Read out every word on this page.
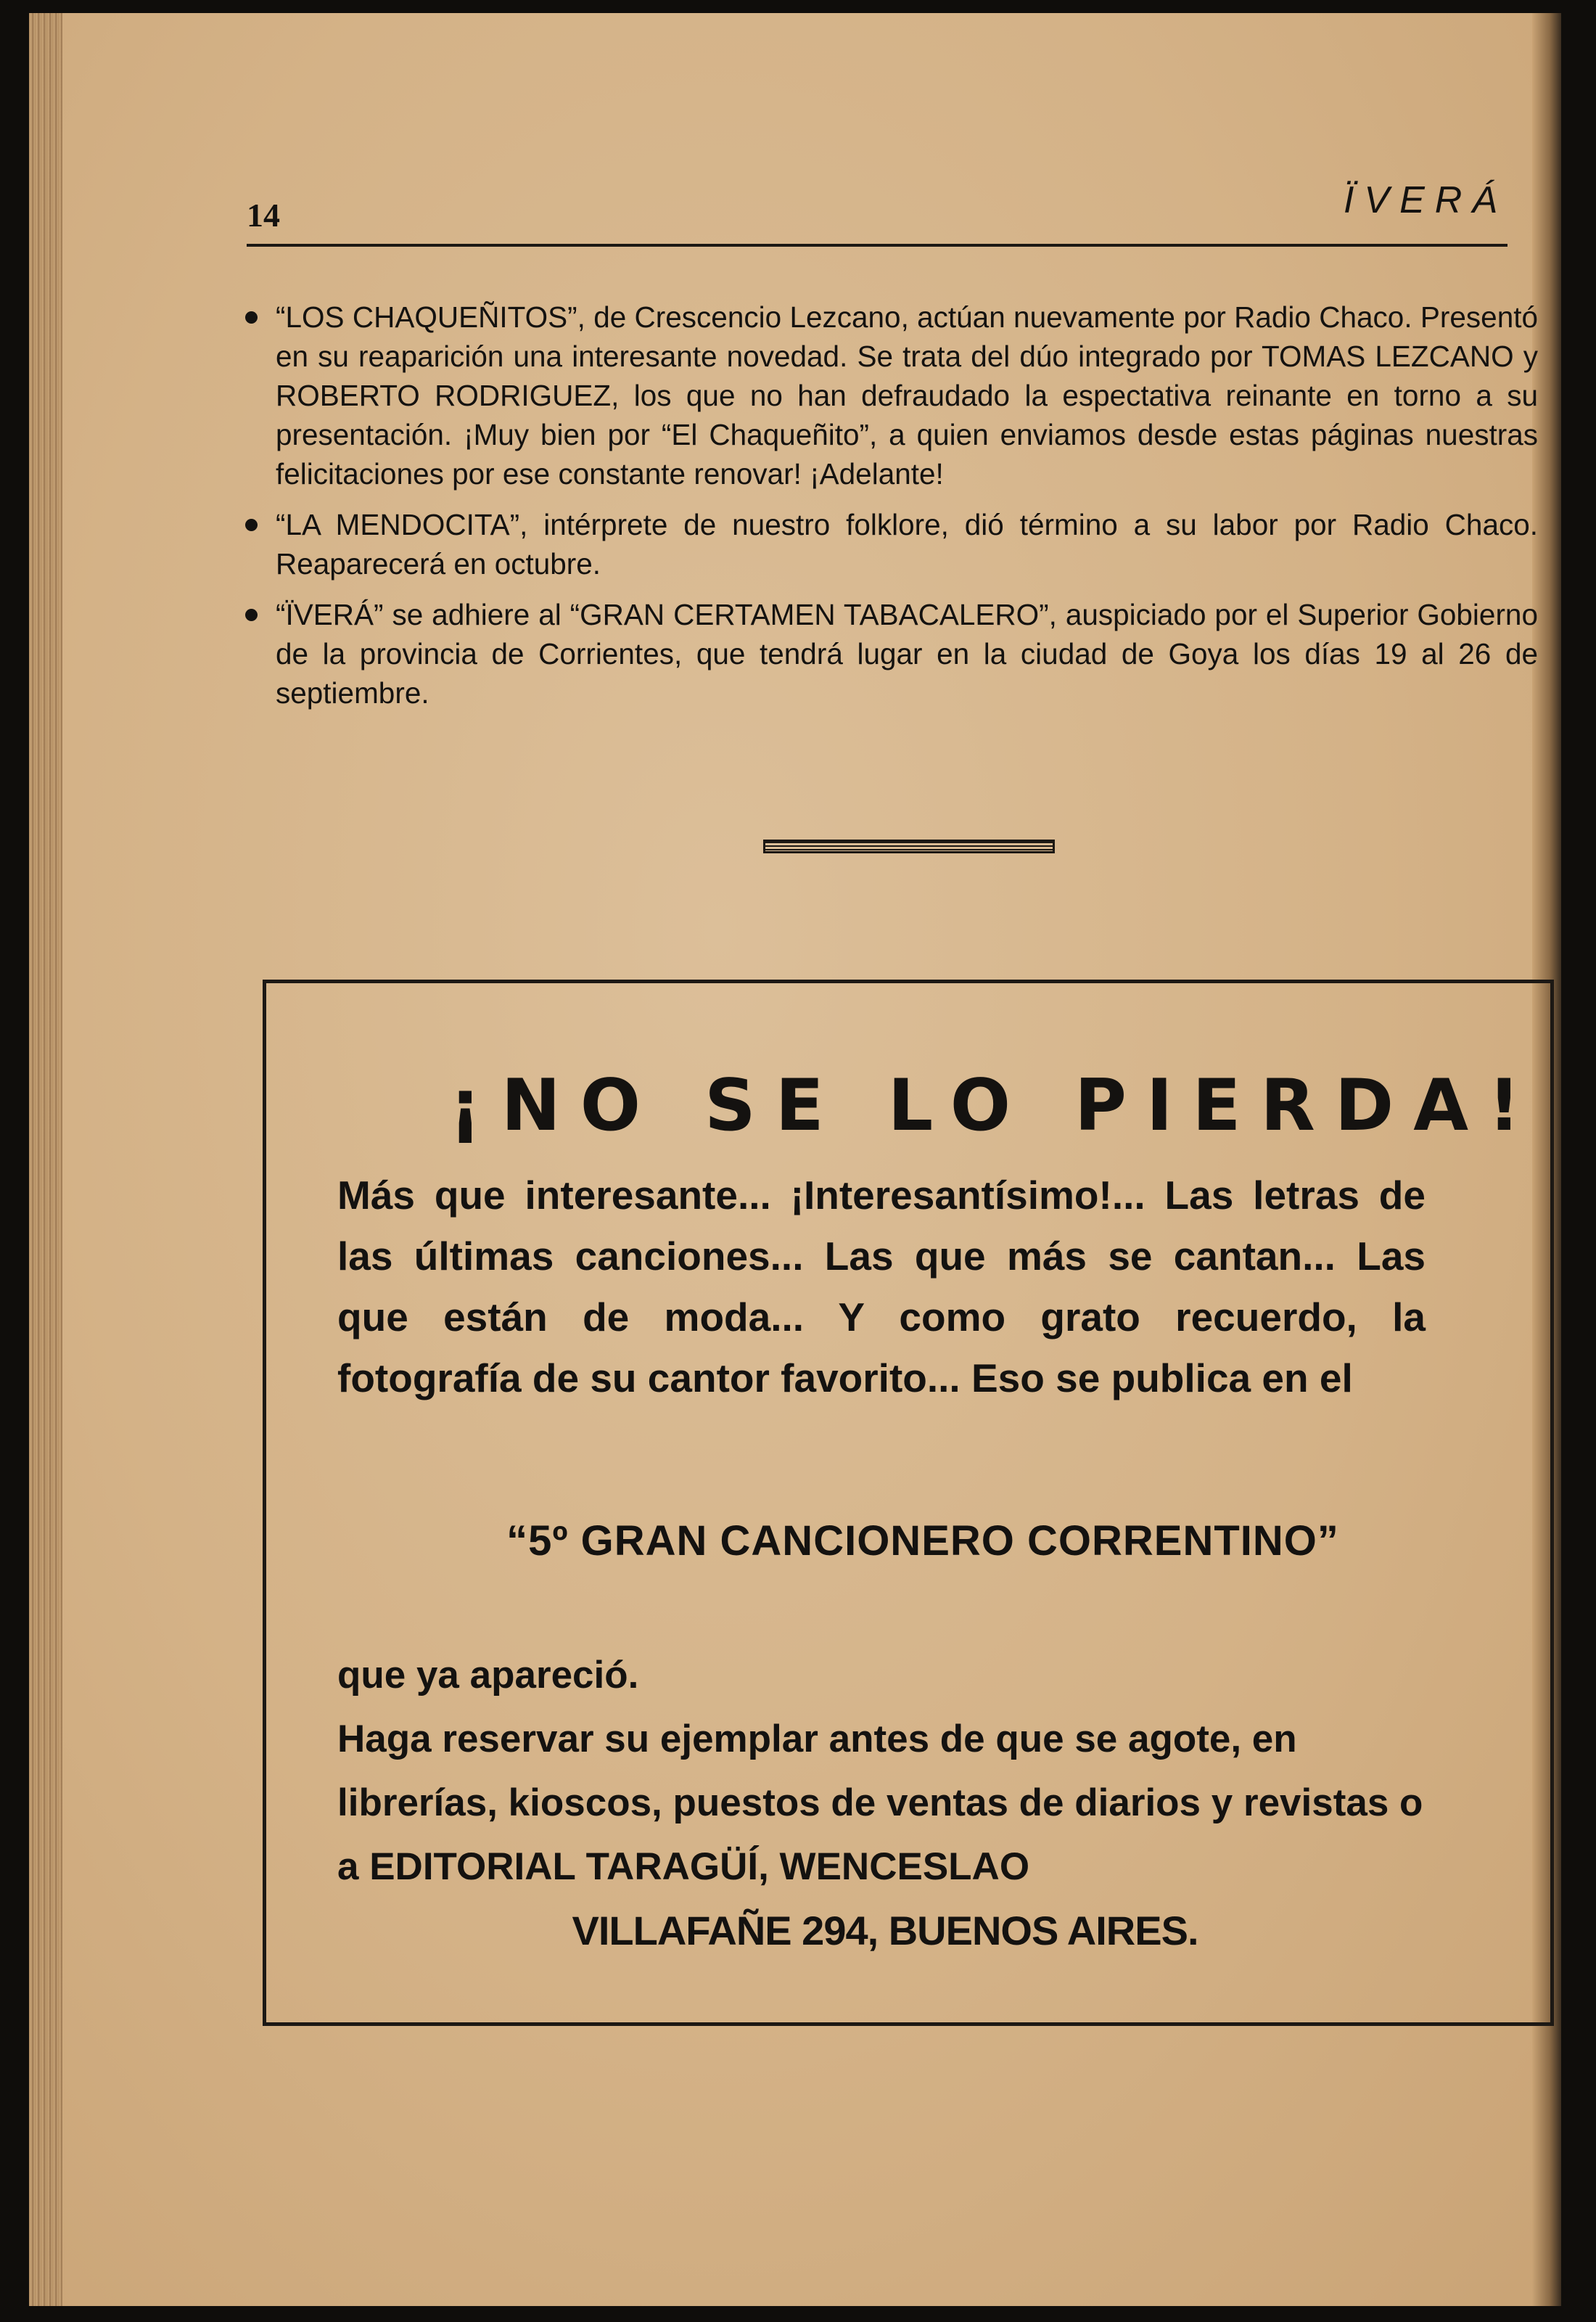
14	ÏVERÁ
“LOS CHAQUEÑITOS”, de Crescencio Lezcano, actúan nuevamente por Radio Chaco. Presentó en su reaparición una interesante novedad. Se trata del dúo integrado por TOMAS LEZCANO y ROBERTO RODRIGUEZ, los que no han defraudado la espectativa reinante en torno a su presentación. ¡Muy bien por “El Chaqueñito”, a quien enviamos desde estas páginas nuestras felicitaciones por ese constante renovar! ¡Adelante!
“LA MENDOCITA”, intérprete de nuestro folklore, dió término a su labor por Radio Chaco. Reaparecerá en octubre.
“ÏVERÁ” se adhiere al “GRAN CERTAMEN TABACALERO”, auspiciado por el Superior Gobierno de la provincia de Corrientes, que tendrá lugar en la ciudad de Goya los días 19 al 26 de septiembre.
¡NO SE LO PIERDA!
Más que interesante... ¡Interesantísimo!... Las letras de las últimas canciones... Las que más se cantan... Las que están de moda... Y como grato recuerdo, la fotografía de su cantor favorito... Eso se publica en el
“5º GRAN CANCIONERO CORRENTINO”

que ya apareció.

Haga reservar su ejemplar antes de que se agote, en librerías, kioscos, puestos de ventas de diarios y revistas o a EDITORIAL TARAGÜÍ, WENCESLAO

VILLAFAÑE 294, BUENOS AIRES.
